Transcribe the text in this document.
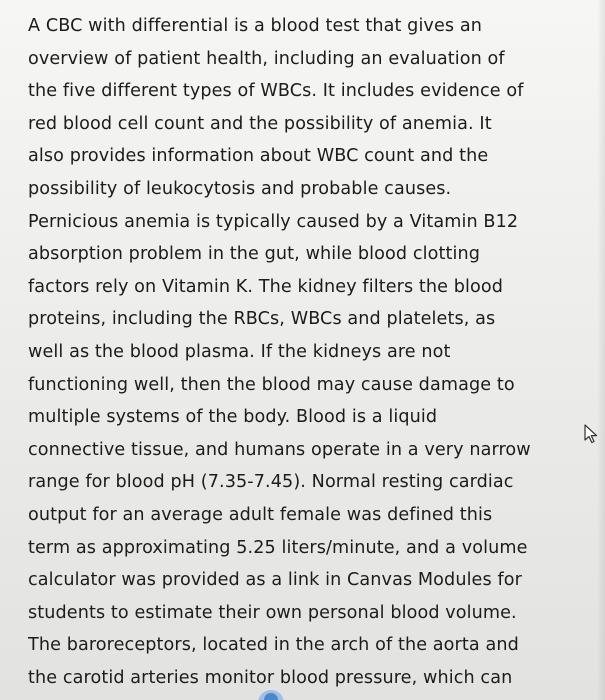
A CBC with differential is a blood test that gives an
overview of patient health, including an evaluation of
the five different types of WBCs. It includes evidence of
red blood cell count and the possibility of anemia. It
also provides information about WBC count and the
possibility of leukocytosis and probable causes.
Pernicious anemia is typically caused by a Vitamin B12
absorption problem in the gut, while blood clotting
factors rely on Vitamin K. The kidney filters the blood
proteins, including the RBCs, WBCs and platelets, as
well as the blood plasma. If the kidneys are not
functioning well, then the blood may cause damage to
multiple systems of the body. Blood is a liquid
connective tissue, and humans operate in a very narrow
range for blood pH (7.35-7.45). Normal resting cardiac
output for an average adult female was defined this
term as approximating 5.25 liters/minute, and a volume
calculator was provided as a link in Canvas Modules for
students to estimate their own personal blood volume.
The baroreceptors, located in the arch of the aorta and
the carotid arteries monitor blood pressure, which can
